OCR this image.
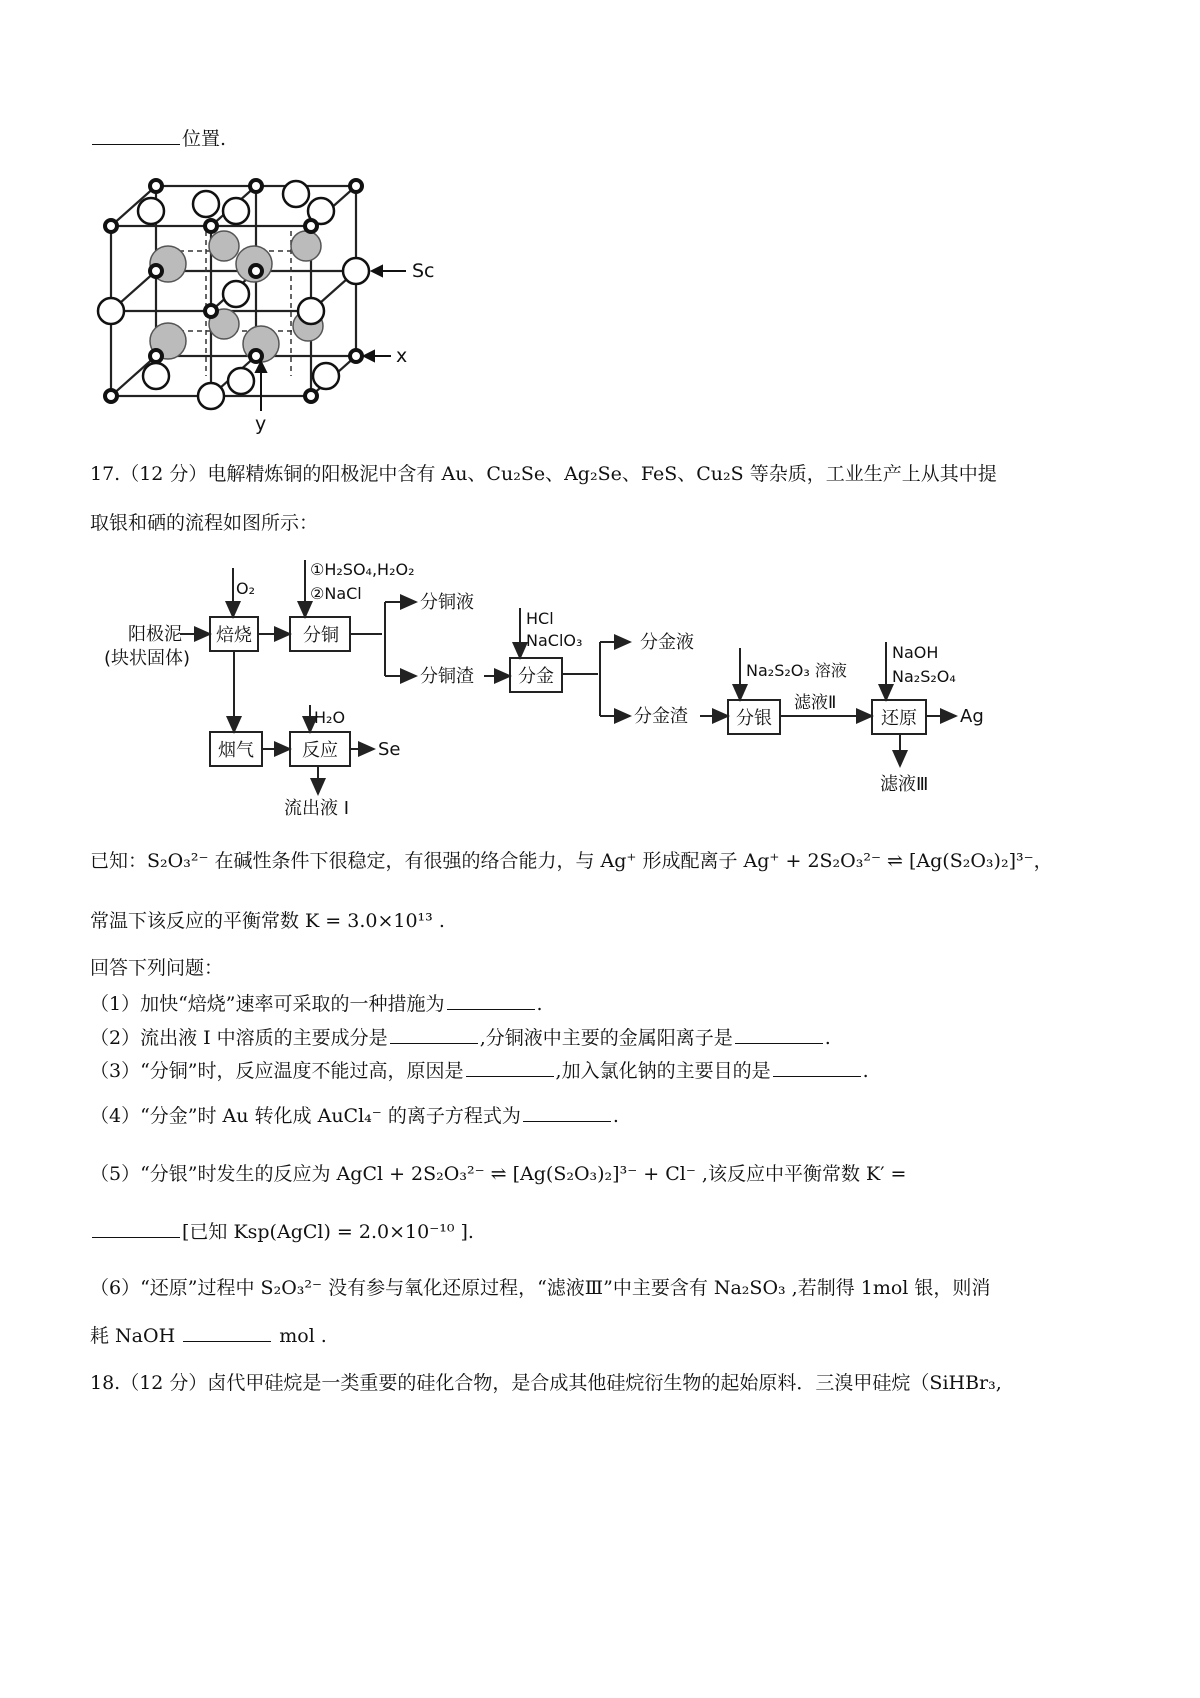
位置.
Sc
x
y
17.（12 分）电解精炼铜的阳极泥中含有 Au、Cu₂Se、Ag₂Se、FeS、Cu₂S 等杂质，工业生产上从其中提
取银和硒的流程如图所示：
焙烧	分铜
分金
分银	还原
烟气	反应
阳极泥
(块状固体)
O₂
①H₂SO₄,H₂O₂
②NaCl	分铜液
分铜渣
HCl
NaClO₃	分金液
分金渣
Na₂S₂O₃ 溶液
滤液Ⅱ
NaOH
Na₂S₂O₄
Ag
滤液Ⅲ
H₂O
Se
流出液 I
已知：S₂O₃²⁻ 在碱性条件下很稳定，有很强的络合能力，与 Ag⁺ 形成配离子 Ag⁺ + 2S₂O₃²⁻ ⇌ [Ag(S₂O₃)₂]³⁻，
常温下该反应的平衡常数 K = 3.0×10¹³ .
回答下列问题：
（1）加快“焙烧”速率可采取的一种措施为	.
（2）流出液 I 中溶质的主要成分是	,分铜液中主要的金属阳离子是	.
（3）“分铜”时，反应温度不能过高，原因是	,加入氯化钠的主要目的是	.
（4）“分金”时 Au 转化成 AuCl₄⁻ 的离子方程式为	.
（5）“分银”时发生的反应为 AgCl + 2S₂O₃²⁻ ⇌ [Ag(S₂O₃)₂]³⁻ + Cl⁻ ,该反应中平衡常数 K′ =
[已知 Ksp(AgCl) = 2.0×10⁻¹⁰ ].
（6）“还原”过程中 S₂O₃²⁻ 没有参与氧化还原过程，“滤液Ⅲ”中主要含有 Na₂SO₃ ,若制得 1mol 银，则消
耗 NaOH	mol .
18.（12 分）卤代甲硅烷是一类重要的硅化合物，是合成其他硅烷衍生物的起始原料．三溴甲硅烷（SiHBr₃,
